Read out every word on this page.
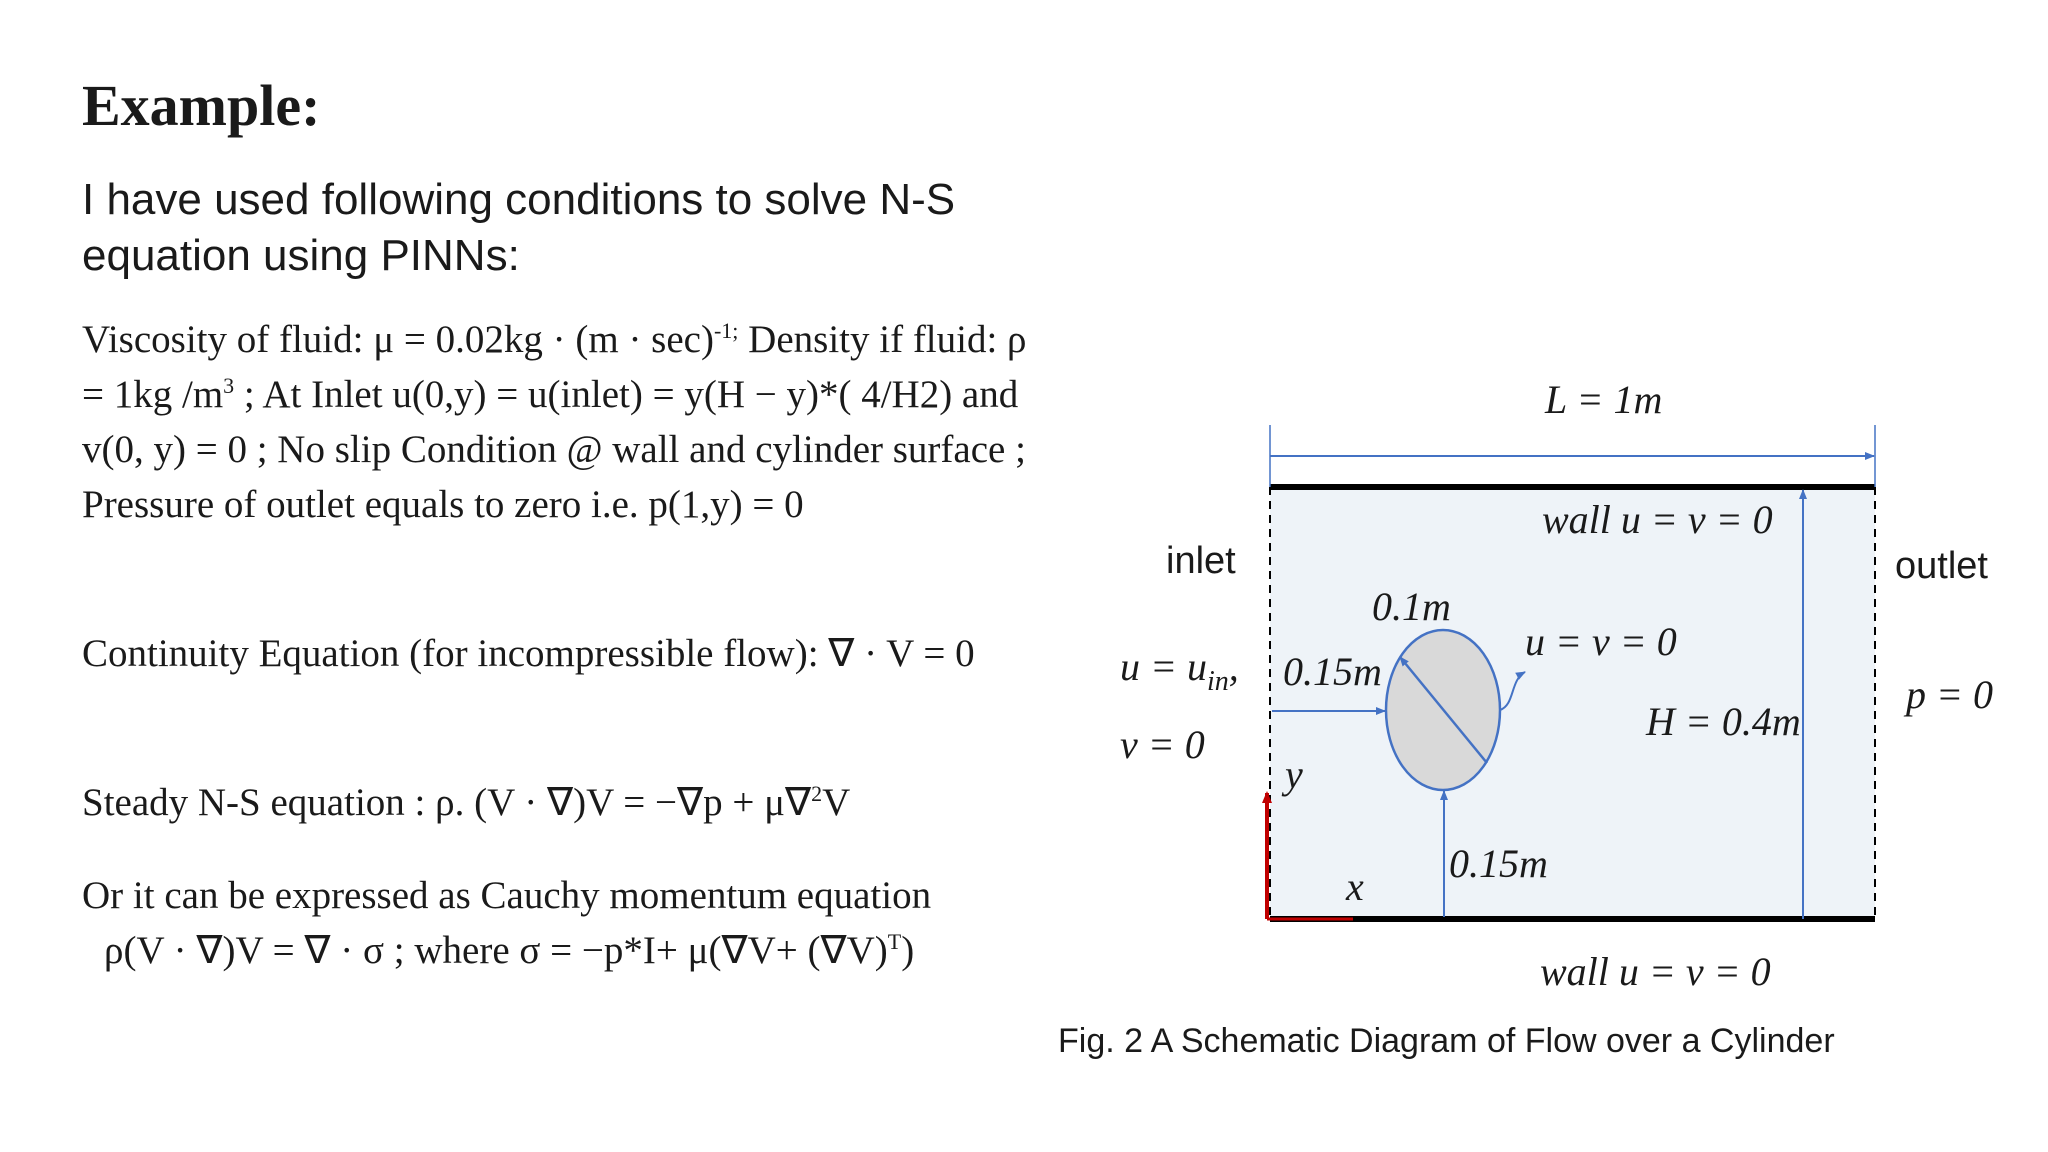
Example:
I have used following conditions to solve N-S equation using PINNs:
Viscosity of fluid: $\mu = 0.02kg \cdot (m \cdot \sec)^{-1;}$ Density if fluid: ρ = 1kg $/m^3$ ; At Inlet u(0,y) = u(inlet) = y(H − y)*( 4/H2) and v(0, y) = 0 ; No slip Condition @ wall and cylinder surface ; Pressure of outlet equals to zero i.e. p(1,y) = 0
Continuity Equation (for incompressible flow): ∇ · V = 0
Steady N-S equation : ρ. (V · ∇)V = −∇p + μ∇$^2$V
Or it can be expressed as Cauchy momentum equation
ρ(V · ∇)V = ∇ · σ ; where $\sigma = -p*I+ \mu(\nabla V+ (\nabla V)^T)$
L = 1m
H = 0.4m
wall u = v = 0
wall u = v = 0
inlet	outlet
$u = u_{in}$,
v = 0
p = 0
0.15m
0.15m
0.1m
u = v = 0
y
x
Fig. 2 A Schematic Diagram of Flow over a Cylinder
